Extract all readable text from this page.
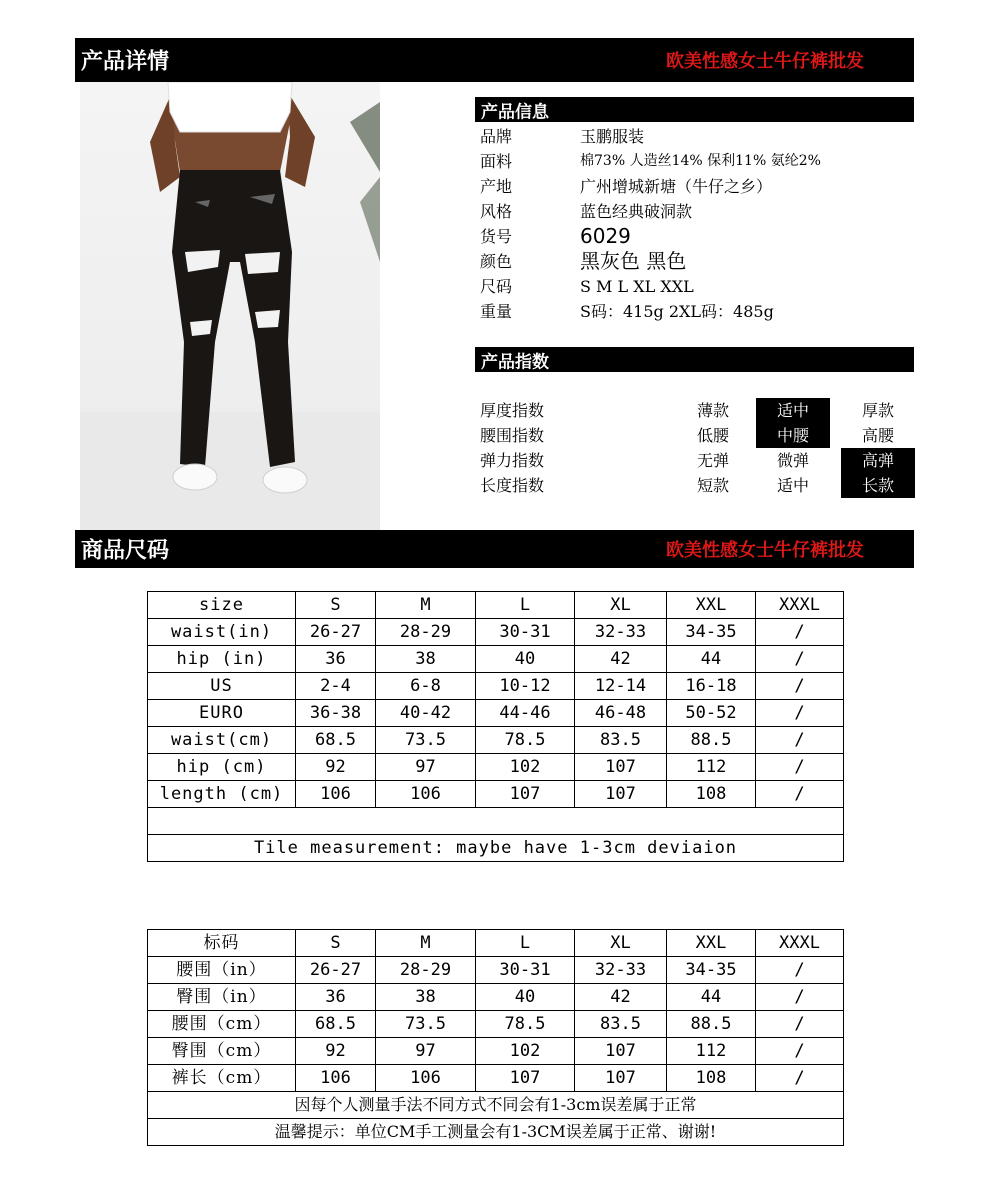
产品详情	欧美性感女士牛仔裤批发
产品信息
品牌	玉鹏服装
面料	棉73% 人造丝14% 保利11% 氨纶2%
产地	广州增城新塘（牛仔之乡）
风格	蓝色经典破洞款
货号	6029
颜色	黑灰色 黑色
尺码	S M L XL XXL
重量	S码：415g 2XL码：485g
产品指数
厚度指数	薄款	适中	厚款
腰围指数	低腰	中腰	高腰
弹力指数	无弹	微弹	高弹
长度指数	短款	适中	长款
商品尺码	欧美性感女士牛仔裤批发
size	S	M	L	XL	XXL	XXXL
waist(in)	26-27	28-29	30-31	32-33	34-35	/
hip (in)	36	38	40	42	44	/
US	2-4	6-8	10-12	12-14	16-18	/
EURO	36-38	40-42	44-46	46-48	50-52	/
waist(cm)	68.5	73.5	78.5	83.5	88.5	/
hip (cm)	92	97	102	107	112	/
length (cm)	106	106	107	107	108	/

Tile measurement: maybe have 1-3cm deviaion						
标码	S	M	L	XL	XXL	XXXL
腰围（in）	26-27	28-29	30-31	32-33	34-35	/
臀围（in）	36	38	40	42	44	/
腰围（cm）	68.5	73.5	78.5	83.5	88.5	/
臀围（cm）	92	97	102	107	112	/
裤长（cm）	106	106	107	107	108	/
因每个人测量手法不同方式不同会有1-3cm误差属于正常						
温馨提示：单位CM手工测量会有1-3CM误差属于正常、谢谢!						
